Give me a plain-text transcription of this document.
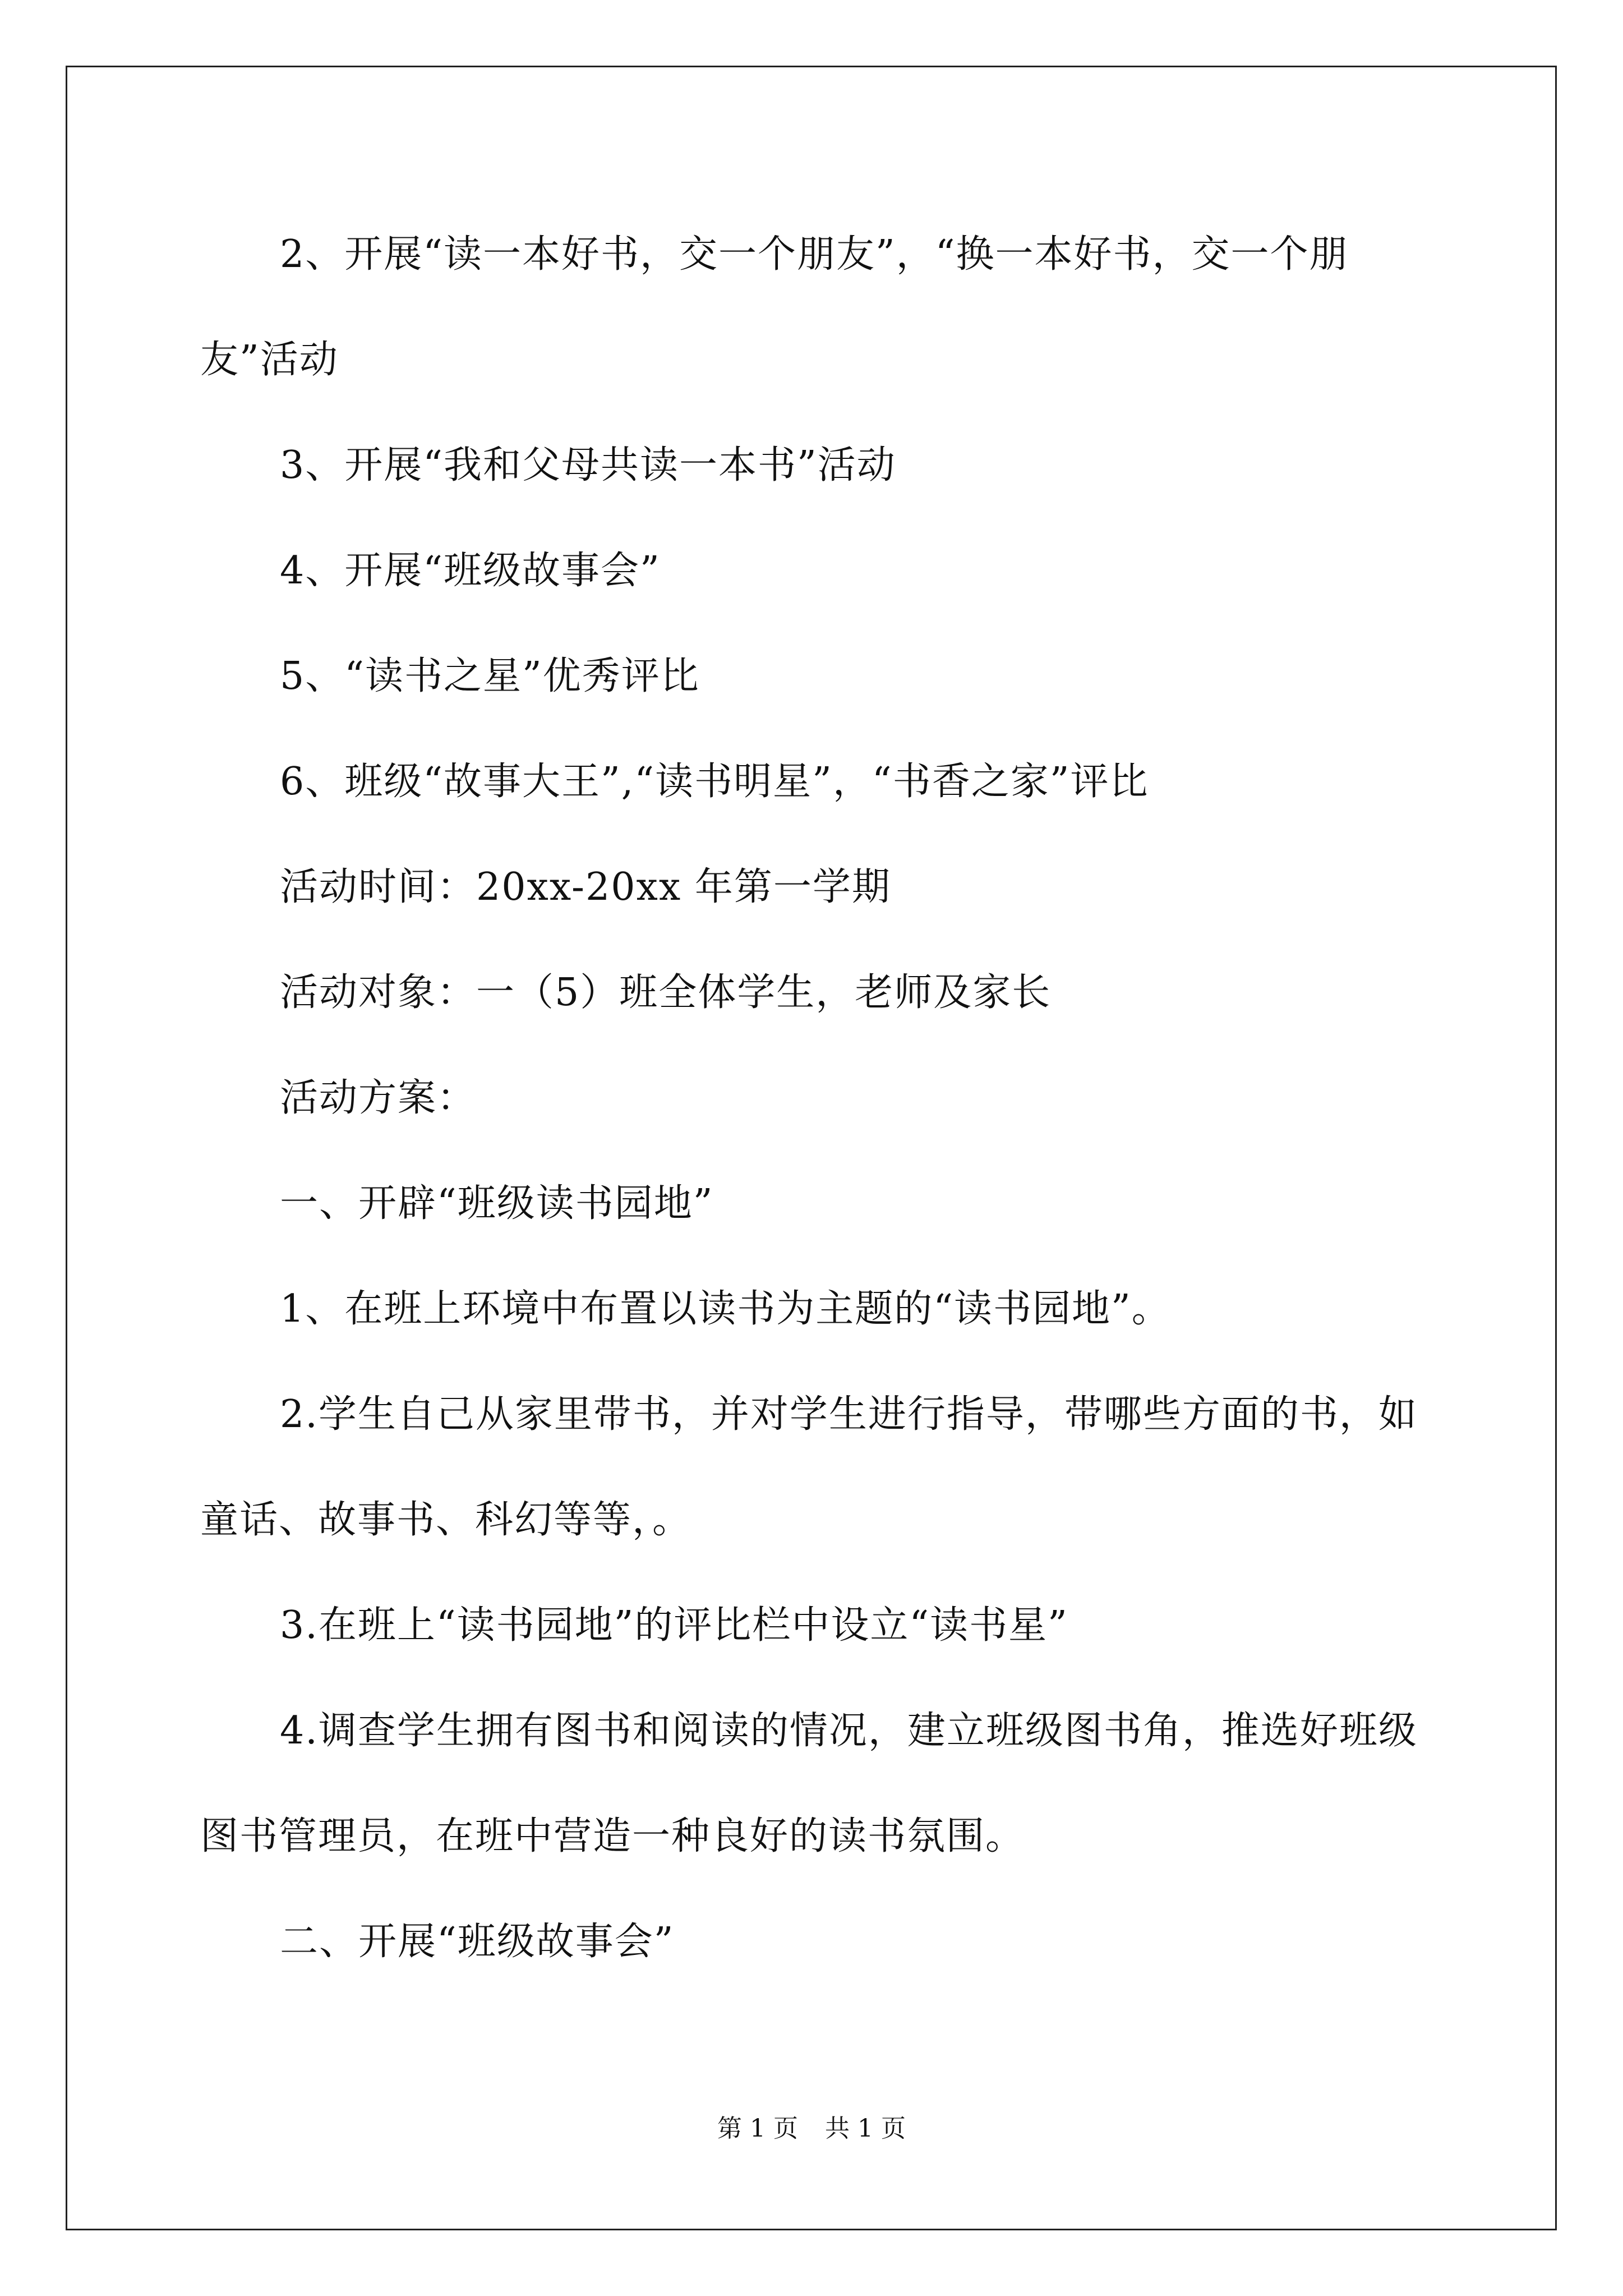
2、开展“读一本好书，交一个朋友”，“换一本好书，交一个朋友”活动

3、开展“我和父母共读一本书”活动

4、开展“班级故事会”

5、“读书之星”优秀评比

6、班级“故事大王”,“读书明星”，“书香之家”评比

活动时间：20xx-20xx 年第一学期

活动对象：一（5）班全体学生，老师及家长

活动方案：

一、开辟“班级读书园地”

1、在班上环境中布置以读书为主题的“读书园地”。

2.学生自己从家里带书，并对学生进行指导，带哪些方面的书，如童话、故事书、科幻等等，。

3.在班上“读书园地”的评比栏中设立“读书星”

4.调查学生拥有图书和阅读的情况，建立班级图书角，推选好班级图书管理员，在班中营造一种良好的读书氛围。

二、开展“班级故事会”

第 1 页 共 1 页
